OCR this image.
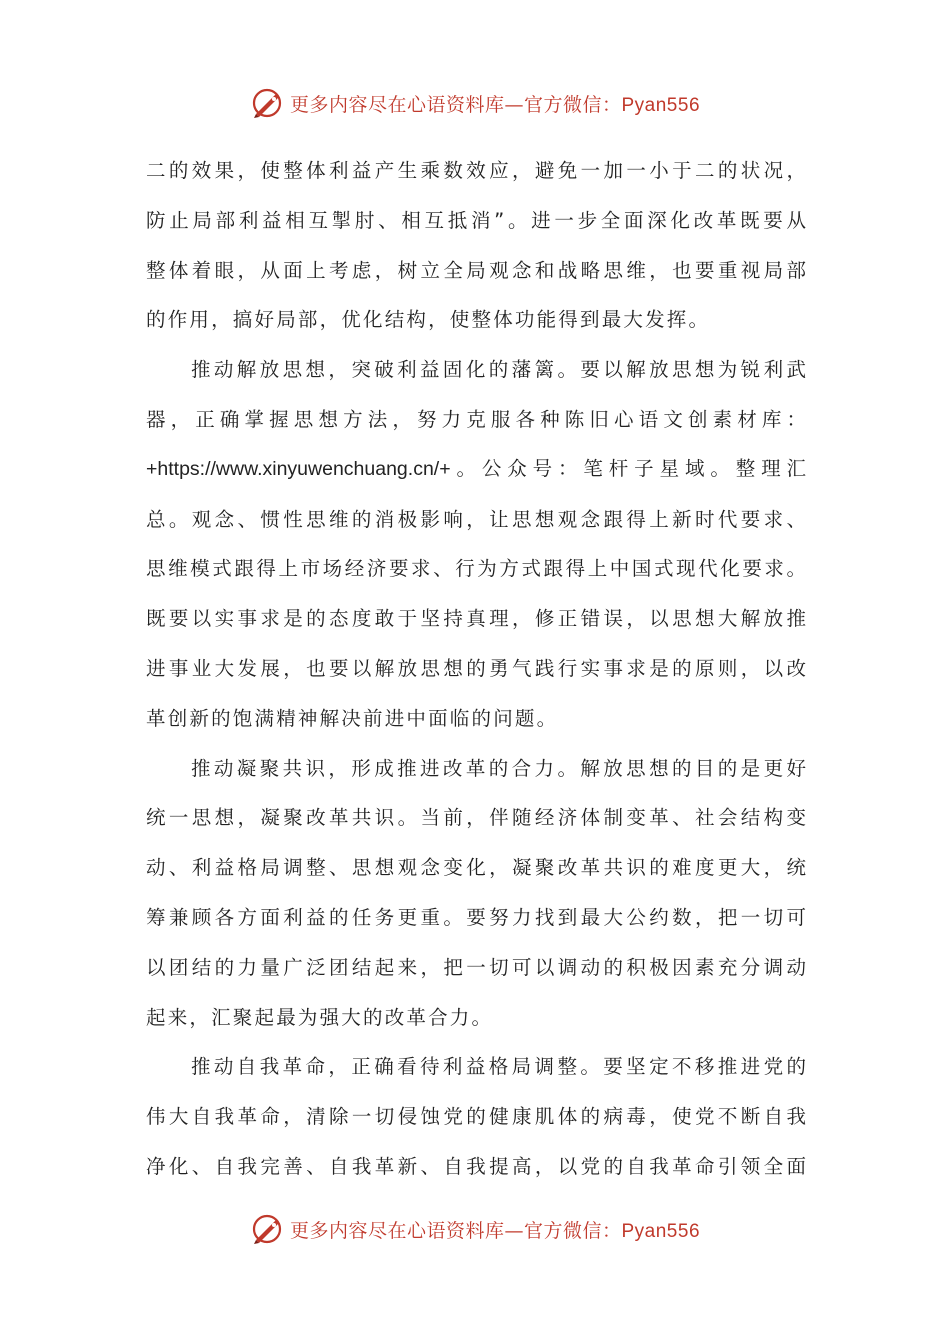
更多内容尽在心语资料库—官方微信：Pyan556
二的效果，使整体利益产生乘数效应，避免一加一小于二的状况，
防止局部利益相互掣肘、相互抵消”。进一步全面深化改革既要从
整体着眼，从面上考虑，树立全局观念和战略思维，也要重视局部
的作用，搞好局部，优化结构，使整体功能得到最大发挥。
推动解放思想，突破利益固化的藩篱。要以解放思想为锐利武
器，正确掌握思想方法，努力克服各种陈旧心语文创素材库：
+https://www.xinyuwenchuang.cn/+。公众号：笔杆子星域。整理汇
总。观念、惯性思维的消极影响，让思想观念跟得上新时代要求、
思维模式跟得上市场经济要求、行为方式跟得上中国式现代化要求。
既要以实事求是的态度敢于坚持真理，修正错误，以思想大解放推
进事业大发展，也要以解放思想的勇气践行实事求是的原则，以改
革创新的饱满精神解决前进中面临的问题。
推动凝聚共识，形成推进改革的合力。解放思想的目的是更好
统一思想，凝聚改革共识。当前，伴随经济体制变革、社会结构变
动、利益格局调整、思想观念变化，凝聚改革共识的难度更大，统
筹兼顾各方面利益的任务更重。要努力找到最大公约数，把一切可
以团结的力量广泛团结起来，把一切可以调动的积极因素充分调动
起来，汇聚起最为强大的改革合力。
推动自我革命，正确看待利益格局调整。要坚定不移推进党的
伟大自我革命，清除一切侵蚀党的健康肌体的病毒，使党不断自我
净化、自我完善、自我革新、自我提高，以党的自我革命引领全面
更多内容尽在心语资料库—官方微信：Pyan556
